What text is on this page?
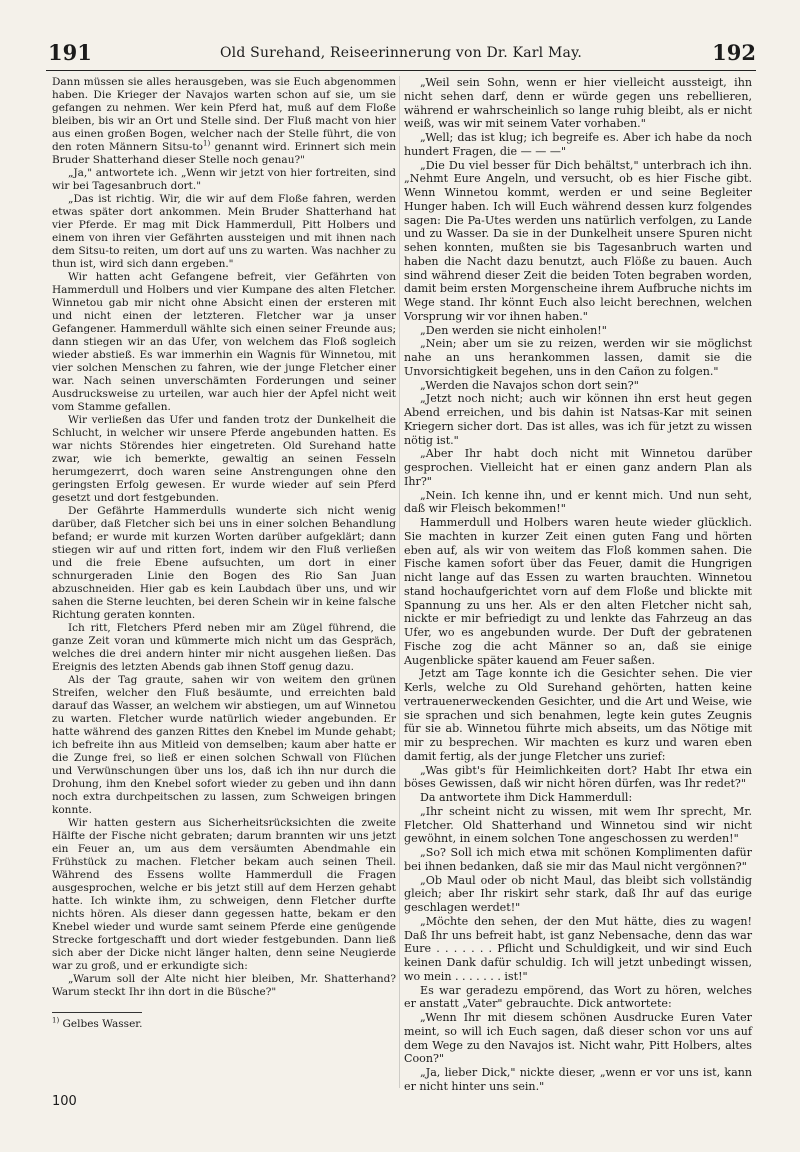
191	Old Surehand, Reiseerinnerung von Dr. Karl May.	192

Dann müssen sie alles herausgeben, was sie Euch abgenommen haben. Die Krieger der Navajos warten schon auf sie, um sie gefangen zu nehmen. Wer kein Pferd hat, muß auf dem Floße bleiben, bis wir an Ort und Stelle sind. Der Fluß macht von hier aus einen großen Bogen, welcher nach der Stelle führt, die von den roten Männern Sitsu-to$^{1)}$ genannt wird. Erinnert sich mein Bruder Shatterhand dieser Stelle noch genau?"

„Ja," antwortete ich. „Wenn wir jetzt von hier fortreiten, sind wir bei Tagesanbruch dort."

„Das ist richtig. Wir, die wir auf dem Floße fahren, werden etwas später dort ankommen. Mein Bruder Shatterhand hat vier Pferde. Er mag mit Dick Hammerdull, Pitt Holbers und einem von ihren vier Gefährten aussteigen und mit ihnen nach dem Sitsu-to reiten, um dort auf uns zu warten. Was nachher zu thun ist, wird sich dann ergeben."

Wir hatten acht Gefangene befreit, vier Gefährten von Hammerdull und Holbers und vier Kumpane des alten Fletcher. Winnetou gab mir nicht ohne Absicht einen der ersteren mit und nicht einen der letzteren. Fletcher war ja unser Gefangener. Hammerdull wählte sich einen seiner Freunde aus; dann stiegen wir an das Ufer, von welchem das Floß sogleich wieder abstieß. Es war immerhin ein Wagnis für Winnetou, mit vier solchen Menschen zu fahren, wie der junge Fletcher einer war. Nach seinen unverschämten Forderungen und seiner Ausdrucksweise zu urteilen, war auch hier der Apfel nicht weit vom Stamme gefallen.

Wir verließen das Ufer und fanden trotz der Dunkelheit die Schlucht, in welcher wir unsere Pferde angebunden hatten. Es war nichts Störendes hier eingetreten. Old Surehand hatte zwar, wie ich bemerkte, gewaltig an seinen Fesseln herumgezerrt, doch waren seine Anstrengungen ohne den geringsten Erfolg gewesen. Er wurde wieder auf sein Pferd gesetzt und dort festgebunden.

Der Gefährte Hammerdulls wunderte sich nicht wenig darüber, daß Fletcher sich bei uns in einer solchen Behandlung befand; er wurde mit kurzen Worten darüber aufgeklärt; dann stiegen wir auf und ritten fort, indem wir den Fluß verließen und die freie Ebene aufsuchten, um dort in einer schnurgeraden Linie den Bogen des Rio San Juan abzuschneiden. Hier gab es kein Laubdach über uns, und wir sahen die Sterne leuchten, bei deren Schein wir in keine falsche Richtung geraten konnten.

Ich ritt, Fletchers Pferd neben mir am Zügel führend, die ganze Zeit voran und kümmerte mich nicht um das Gespräch, welches die drei andern hinter mir nicht ausgehen ließen. Das Ereignis des letzten Abends gab ihnen Stoff genug dazu.

Als der Tag graute, sahen wir von weitem den grünen Streifen, welcher den Fluß besäumte, und erreichten bald darauf das Wasser, an welchem wir abstiegen, um auf Winnetou zu warten. Fletcher wurde natürlich wieder angebunden. Er hatte während des ganzen Rittes den Knebel im Munde gehabt; ich befreite ihn aus Mitleid von demselben; kaum aber hatte er die Zunge frei, so ließ er einen solchen Schwall von Flüchen und Verwünschungen über uns los, daß ich ihn nur durch die Drohung, ihm den Knebel sofort wieder zu geben und ihn dann noch extra durchpeitschen zu lassen, zum Schweigen bringen konnte.

Wir hatten gestern aus Sicherheitsrücksichten die zweite Hälfte der Fische nicht gebraten; darum brannten wir uns jetzt ein Feuer an, um aus dem versäumten Abendmahle ein Frühstück zu machen. Fletcher bekam auch seinen Theil. Während des Essens wollte Hammerdull die Fragen ausgesprochen, welche er bis jetzt still auf dem Herzen gehabt hatte. Ich winkte ihm, zu schweigen, denn Fletcher durfte nichts hören. Als dieser dann gegessen hatte, bekam er den Knebel wieder und wurde samt seinem Pferde eine genügende Strecke fortgeschafft und dort wieder festgebunden. Dann ließ sich aber der Dicke nicht länger halten, denn seine Neugierde war zu groß, und er erkundigte sich:

„Warum soll der Alte nicht hier bleiben, Mr. Shatterhand? Warum steckt Ihr ihn dort in die Büsche?"

„Weil sein Sohn, wenn er hier vielleicht aussteigt, ihn nicht sehen darf, denn er würde gegen uns rebellieren, während er wahrscheinlich so lange ruhig bleibt, als er nicht weiß, was wir mit seinem Vater vorhaben."

„Well; das ist klug; ich begreife es. Aber ich habe da noch hundert Fragen, die — — —"

„Die Du viel besser für Dich behältst," unterbrach ich ihn. „Nehmt Eure Angeln, und versucht, ob es hier Fische gibt. Wenn Winnetou kommt, werden er und seine Begleiter Hunger haben. Ich will Euch während dessen kurz folgendes sagen: Die Pa-Utes werden uns natürlich verfolgen, zu Lande und zu Wasser. Da sie in der Dunkelheit unsere Spuren nicht sehen konnten, mußten sie bis Tagesanbruch warten und haben die Nacht dazu benutzt, auch Flöße zu bauen. Auch sind während dieser Zeit die beiden Toten begraben worden, damit beim ersten Morgenscheine ihrem Aufbruche nichts im Wege stand. Ihr könnt Euch also leicht berechnen, welchen Vorsprung wir vor ihnen haben."

„Den werden sie nicht einholen!"

„Nein; aber um sie zu reizen, werden wir sie möglichst nahe an uns herankommen lassen, damit sie die Unvorsichtigkeit begehen, uns in den Cañon zu folgen."

„Werden die Navajos schon dort sein?"

„Jetzt noch nicht; auch wir können ihn erst heut gegen Abend erreichen, und bis dahin ist Natsas-Kar mit seinen Kriegern sicher dort. Das ist alles, was ich für jetzt zu wissen nötig ist."

„Aber Ihr habt doch nicht mit Winnetou darüber gesprochen. Vielleicht hat er einen ganz andern Plan als Ihr?"

„Nein. Ich kenne ihn, und er kennt mich. Und nun seht, daß wir Fleisch bekommen!"

Hammerdull und Holbers waren heute wieder glücklich. Sie machten in kurzer Zeit einen guten Fang und hörten eben auf, als wir von weitem das Floß kommen sahen. Die Fische kamen sofort über das Feuer, damit die Hungrigen nicht lange auf das Essen zu warten brauchten. Winnetou stand hochaufgerichtet vorn auf dem Floße und blickte mit Spannung zu uns her. Als er den alten Fletcher nicht sah, nickte er mir befriedigt zu und lenkte das Fahrzeug an das Ufer, wo es angebunden wurde. Der Duft der gebratenen Fische zog die acht Männer so an, daß sie einige Augenblicke später kauend am Feuer saßen.

Jetzt am Tage konnte ich die Gesichter sehen. Die vier Kerls, welche zu Old Surehand gehörten, hatten keine vertrauenerweckenden Gesichter, und die Art und Weise, wie sie sprachen und sich benahmen, legte kein gutes Zeugnis für sie ab. Winnetou führte mich abseits, um das Nötige mit mir zu besprechen. Wir machten es kurz und waren eben damit fertig, als der junge Fletcher uns zurief:

„Was gibt's für Heimlichkeiten dort? Habt Ihr etwa ein böses Gewissen, daß wir nicht hören dürfen, was Ihr redet?"

Da antwortete ihm Dick Hammerdull:

„Ihr scheint nicht zu wissen, mit wem Ihr sprecht, Mr. Fletcher. Old Shatterhand und Winnetou sind wir nicht gewöhnt, in einem solchen Tone angeschossen zu werden!"

„So? Soll ich mich etwa mit schönen Komplimenten dafür bei ihnen bedanken, daß sie mir das Maul nicht vergönnen?"

„Ob Maul oder ob nicht Maul, das bleibt sich vollständig gleich; aber Ihr riskirt sehr stark, daß Ihr auf das eurige geschlagen werdet!"

„Möchte den sehen, der den Mut hätte, dies zu wagen! Daß Ihr uns befreit habt, ist ganz Nebensache, denn das war Eure . . . . . . . Pflicht und Schuldigkeit, und wir sind Euch keinen Dank dafür schuldig. Ich will jetzt unbedingt wissen, wo mein . . . . . . . ist!"

Es war geradezu empörend, das Wort zu hören, welches er anstatt „Vater" gebrauchte. Dick antwortete:

„Wenn Ihr mit diesem schönen Ausdrucke Euren Vater meint, so will ich Euch sagen, daß dieser schon vor uns auf dem Wege zu den Navajos ist. Nicht wahr, Pitt Holbers, altes Coon?"

„Ja, lieber Dick," nickte dieser, „wenn er vor uns ist, kann er nicht hinter uns sein."

$^{1)}$ Gelbes Wasser.
100
